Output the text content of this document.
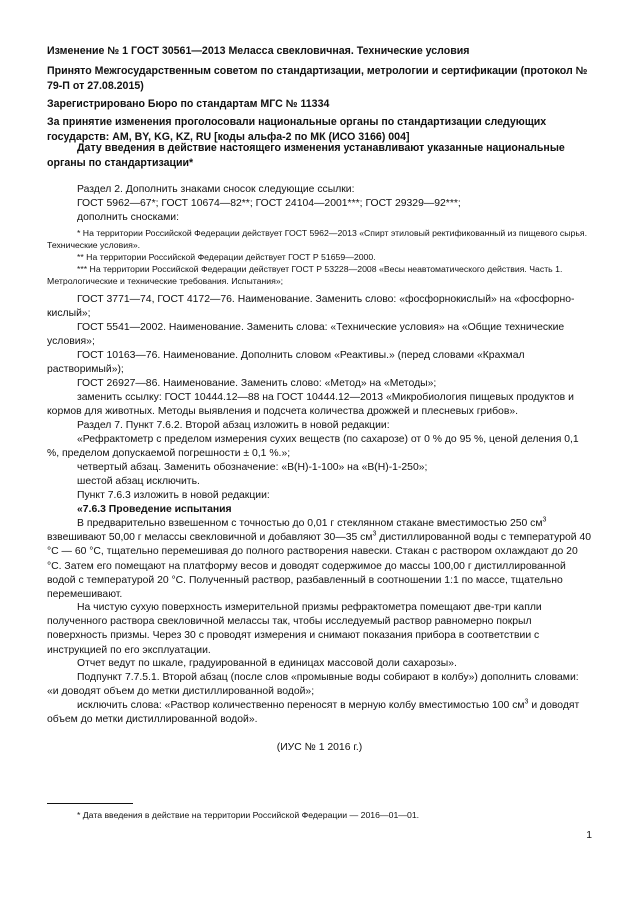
Изменение № 1 ГОСТ 30561—2013 Меласса свекловичная. Технические условия

Принято Межгосударственным советом по стандартизации, метрологии и сертификации (протокол № 79-П от 27.08.2015)

Зарегистрировано Бюро по стандартам МГС № 11334

За принятие изменения проголосовали национальные органы по стандартизации следующих государств: AM, BY, KG, KZ, RU [коды альфа-2 по МК (ИСО 3166) 004]

Дату введения в действие настоящего изменения устанавливают указанные национальные органы по стандартизации*

Раздел 2. Дополнить знаками сносок следующие ссылки:

ГОСТ 5962—67*; ГОСТ 10674—82**; ГОСТ 24104—2001***; ГОСТ 29329—92***;

дополнить сносками:

* На территории Российской Федерации действует ГОСТ 5962—2013 «Спирт этиловый ректификованный из пищевого сырья. Технические условия».

** На территории Российской Федерации действует ГОСТ Р 51659—2000.

*** На территории Российской Федерации действует ГОСТ Р 53228—2008 «Весы неавтоматического действия. Часть 1. Метрологические и технические требования. Испытания»;

ГОСТ 3771—74, ГОСТ 4172—76. Наименование. Заменить слово: «фосфорнокислый» на «фосфорно-кислый»;

ГОСТ 5541—2002. Наименование. Заменить слова: «Технические условия» на «Общие технические условия»;

ГОСТ 10163—76. Наименование. Дополнить словом «Реактивы.» (перед словами «Крахмал растворимый»);

ГОСТ 26927—86. Наименование. Заменить слово: «Метод» на «Методы»;

заменить ссылку: ГОСТ 10444.12—88 на ГОСТ 10444.12—2013 «Микробиология пищевых продуктов и кормов для животных. Методы выявления и подсчета количества дрожжей и плесневых грибов».

Раздел 7. Пункт 7.6.2. Второй абзац изложить в новой редакции:

«Рефрактометр с пределом измерения сухих веществ (по сахарозе) от 0 % до 95 %, ценой деления 0,1 %, пределом допускаемой погрешности ± 0,1 %.»;

четвертый абзац. Заменить обозначение: «В(Н)-1-100» на «В(Н)-1-250»;

шестой абзац исключить.

Пункт 7.6.3 изложить в новой редакции:

«7.6.3 Проведение испытания

В предварительно взвешенном с точностью до 0,01 г стеклянном стакане вместимостью 250 $см^3$ взвешивают 50,00 г мелассы свекловичной и добавляют 30—35 $см^3$ дистиллированной воды с температурой 40 °С — 60 °С, тщательно перемешивая до полного растворения навески. Стакан с раствором охлаждают до 20 °С. Затем его помещают на платформу весов и доводят содержимое до массы 100,00 г дистиллированной водой с температурой 20 °С. Полученный раствор, разбавленный в соотношении 1:1 по массе, тщательно перемешивают.

На чистую сухую поверхность измерительной призмы рефрактометра помещают две-три капли полученного раствора свекловичной мелассы так, чтобы исследуемый раствор равномерно покрыл поверхность призмы. Через 30 с проводят измерения и снимают показания прибора в соответствии с инструкцией по его эксплуатации.

Отчет ведут по шкале, градуированной в единицах массовой доли сахарозы».

Подпункт 7.7.5.1. Второй абзац (после слов «промывные воды собирают в колбу») дополнить словами: «и доводят объем до метки дистиллированной водой»;

исключить слова: «Раствор количественно переносят в мерную колбу вместимостью 100 $см^3$ и доводят объем до метки дистиллированной водой».

(ИУС № 1 2016 г.)

* Дата введения в действие на территории Российской Федерации — 2016—01—01.

1
